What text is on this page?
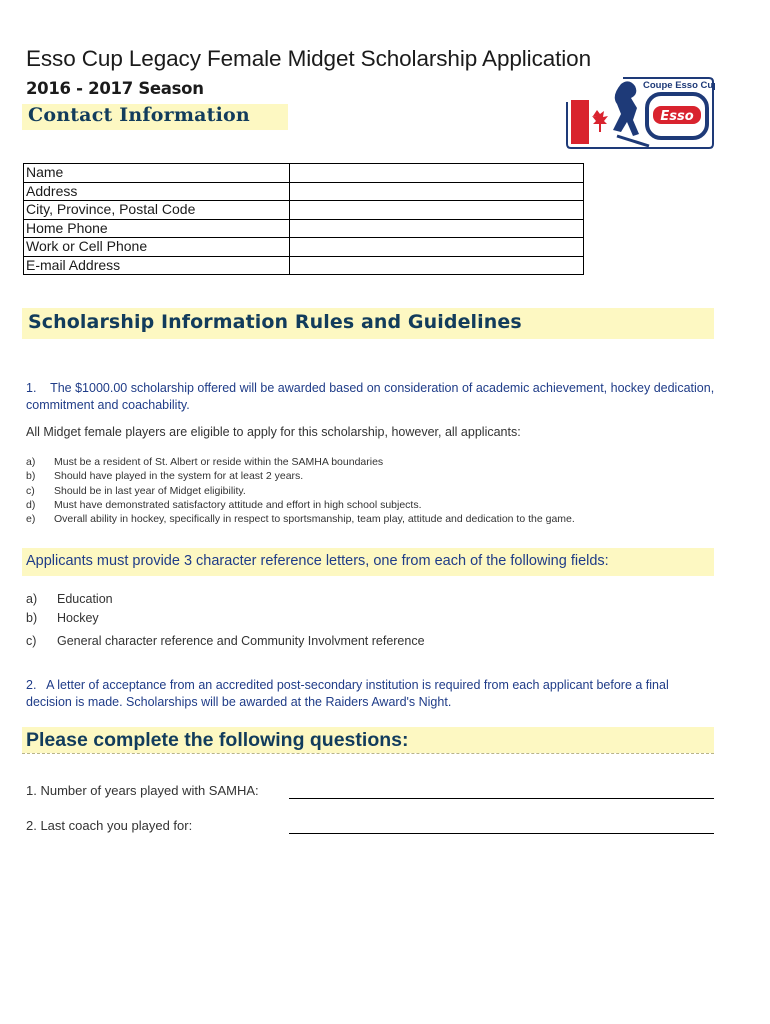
Esso Cup Legacy Female Midget Scholarship Application
2016 - 2017 Season	Coupe Esso Cup
Esso
Contact Information
Name	
Address	
City, Province, Postal Code	
Home Phone	
Work or Cell Phone	
E-mail Address	
Scholarship Information Rules and Guidelines
1.    The $1000.00 scholarship offered will be awarded based on consideration of academic achievement, hockey dedication, commitment and coachability.
All Midget female players are eligible to apply for this scholarship, however, all applicants:
a) Must be a resident of St. Albert or reside within the SAMHA boundaries
b) Should have played in the system for at least 2 years.
c) Should be in last year of Midget eligibility.
d) Must have demonstrated satisfactory attitude and effort in high school subjects.
e) Overall ability in hockey, specifically in respect to sportsmanship, team play, attitude and dedication to the game.
Applicants must provide 3 character reference letters, one from each of the following fields:
a) Education
b) Hockey
c) General character reference and Community Involvment reference
2.   A letter of acceptance from an accredited post-secondary institution is required from each applicant before a final decision is made. Scholarships will be awarded at the Raiders Award's Night.
Please complete the following questions:
1. Number of years played with SAMHA:
2. Last coach you played for:
